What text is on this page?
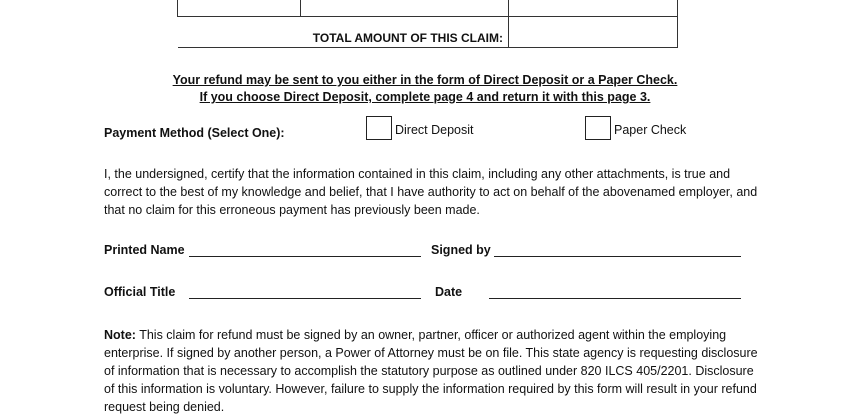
TOTAL AMOUNT OF THIS CLAIM:		
Your refund may be sent to you either in the form of Direct Deposit or a Paper Check.
If you choose Direct Deposit, complete page 4 and return it with this page 3.
Payment Method (Select One):	Direct Deposit	Paper Check
I, the undersigned, certify that the information contained in this claim, including any other attachments, is true and correct to the best of my knowledge and belief, that I have authority to act on behalf of the abovenamed employer, and that no claim for this erroneous payment has previously been made.
Printed Name	Signed by
Official Title	Date
Note: This claim for refund must be signed by an owner, partner, officer or authorized agent within the employing enterprise. If signed by another person, a Power of Attorney must be on file. This state agency is requesting disclosure of information that is necessary to accomplish the statutory purpose as outlined under 820 ILCS 405/2201. Disclosure of this information is voluntary. However, failure to supply the information required by this form will result in your refund request being denied.
